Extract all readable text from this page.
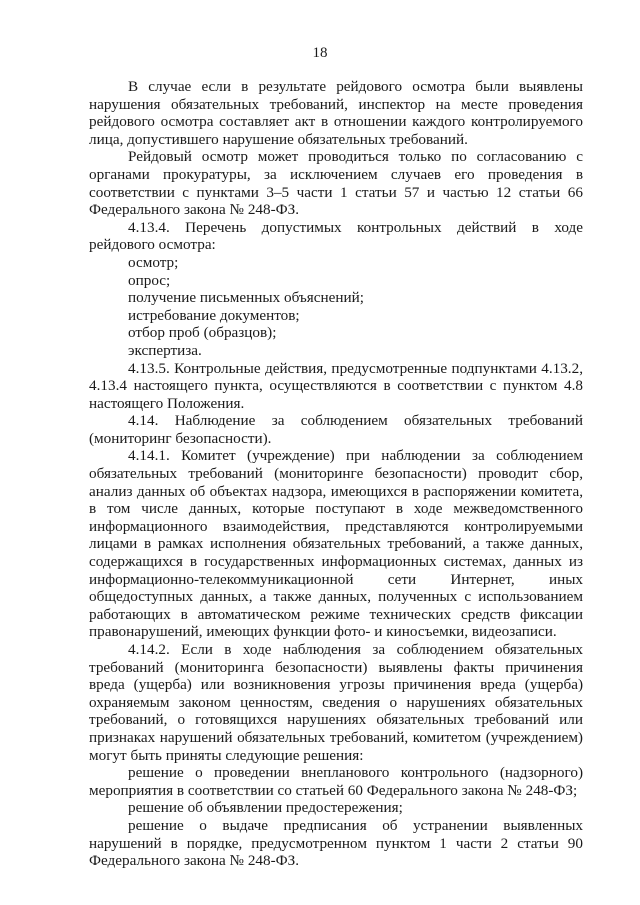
18

В случае если в результате рейдового осмотра были выявлены нарушения обязательных требований, инспектор на месте проведения рейдового осмотра составляет акт в отношении каждого контролируемого лица, допустившего нарушение обязательных требований.

Рейдовый осмотр может проводиться только по согласованию с органами прокуратуры, за исключением случаев его проведения в соответствии с пунктами 3–5 части 1 статьи 57 и частью 12 статьи 66 Федерального закона № 248-ФЗ.

4.13.4. Перечень допустимых контрольных действий в ходе рейдового осмотра:

осмотр;

опрос;

получение письменных объяснений;

истребование документов;

отбор проб (образцов);

экспертиза.

4.13.5. Контрольные действия, предусмотренные подпунктами 4.13.2, 4.13.4 настоящего пункта, осуществляются в соответствии с пунктом 4.8 настоящего Положения.

4.14. Наблюдение за соблюдением обязательных требований (мониторинг безопасности).

4.14.1. Комитет (учреждение) при наблюдении за соблюдением обязательных требований (мониторинге безопасности) проводит сбор, анализ данных об объектах надзора, имеющихся в распоряжении комитета, в том числе данных, которые поступают в ходе межведомственного информационного взаимодействия, представляются контролируемыми лицами в рамках исполнения обязательных требований, а также данных, содержащихся в государственных информационных системах, данных из информационно-телекоммуникационной сети Интернет, иных общедоступных данных, а также данных, полученных с использованием работающих в автоматическом режиме технических средств фиксации правонарушений, имеющих функции фото- и киносъемки, видеозаписи.

4.14.2. Если в ходе наблюдения за соблюдением обязательных требований (мониторинга безопасности) выявлены факты причинения вреда (ущерба) или возникновения угрозы причинения вреда (ущерба) охраняемым законом ценностям, сведения о нарушениях обязательных требований, о готовящихся нарушениях обязательных требований или признаках нарушений обязательных требований, комитетом (учреждением) могут быть приняты следующие решения:

решение о проведении внепланового контрольного (надзорного) мероприятия в соответствии со статьей 60 Федерального закона № 248-ФЗ;

решение об объявлении предостережения;

решение о выдаче предписания об устранении выявленных нарушений в порядке, предусмотренном пунктом 1 части 2 статьи 90 Федерального закона № 248-ФЗ.
